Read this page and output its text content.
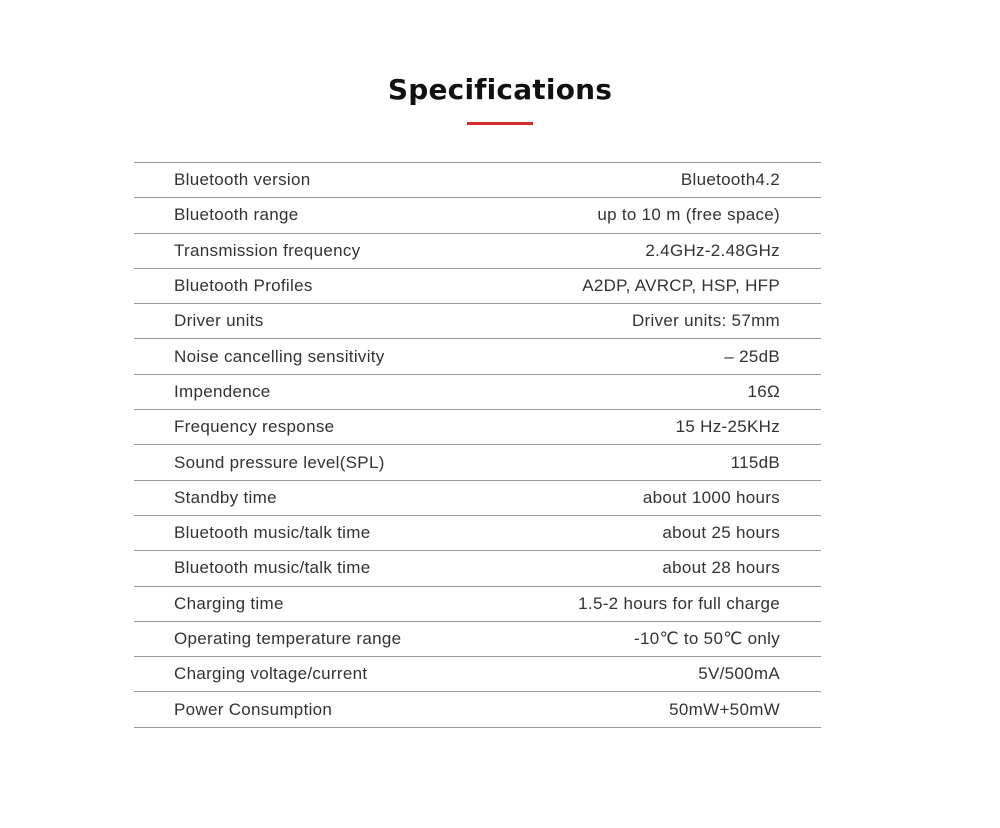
Specifications
Bluetooth version	Bluetooth4.2
Bluetooth range	up to 10 m (free space)
Transmission frequency	2.4GHz-2.48GHz
Bluetooth Profiles	A2DP, AVRCP, HSP, HFP
Driver units	Driver units: 57mm
Noise cancelling sensitivity	– 25dB
Impendence	16Ω
Frequency response	15 Hz-25KHz
Sound pressure level(SPL)	115dB
Standby time	about 1000 hours
Bluetooth music/talk time	about 25 hours
Bluetooth music/talk time	about 28 hours
Charging time	1.5-2 hours for full charge
Operating temperature range	-10℃ to 50℃ only
Charging voltage/current	5V/500mA
Power Consumption	50mW+50mW
